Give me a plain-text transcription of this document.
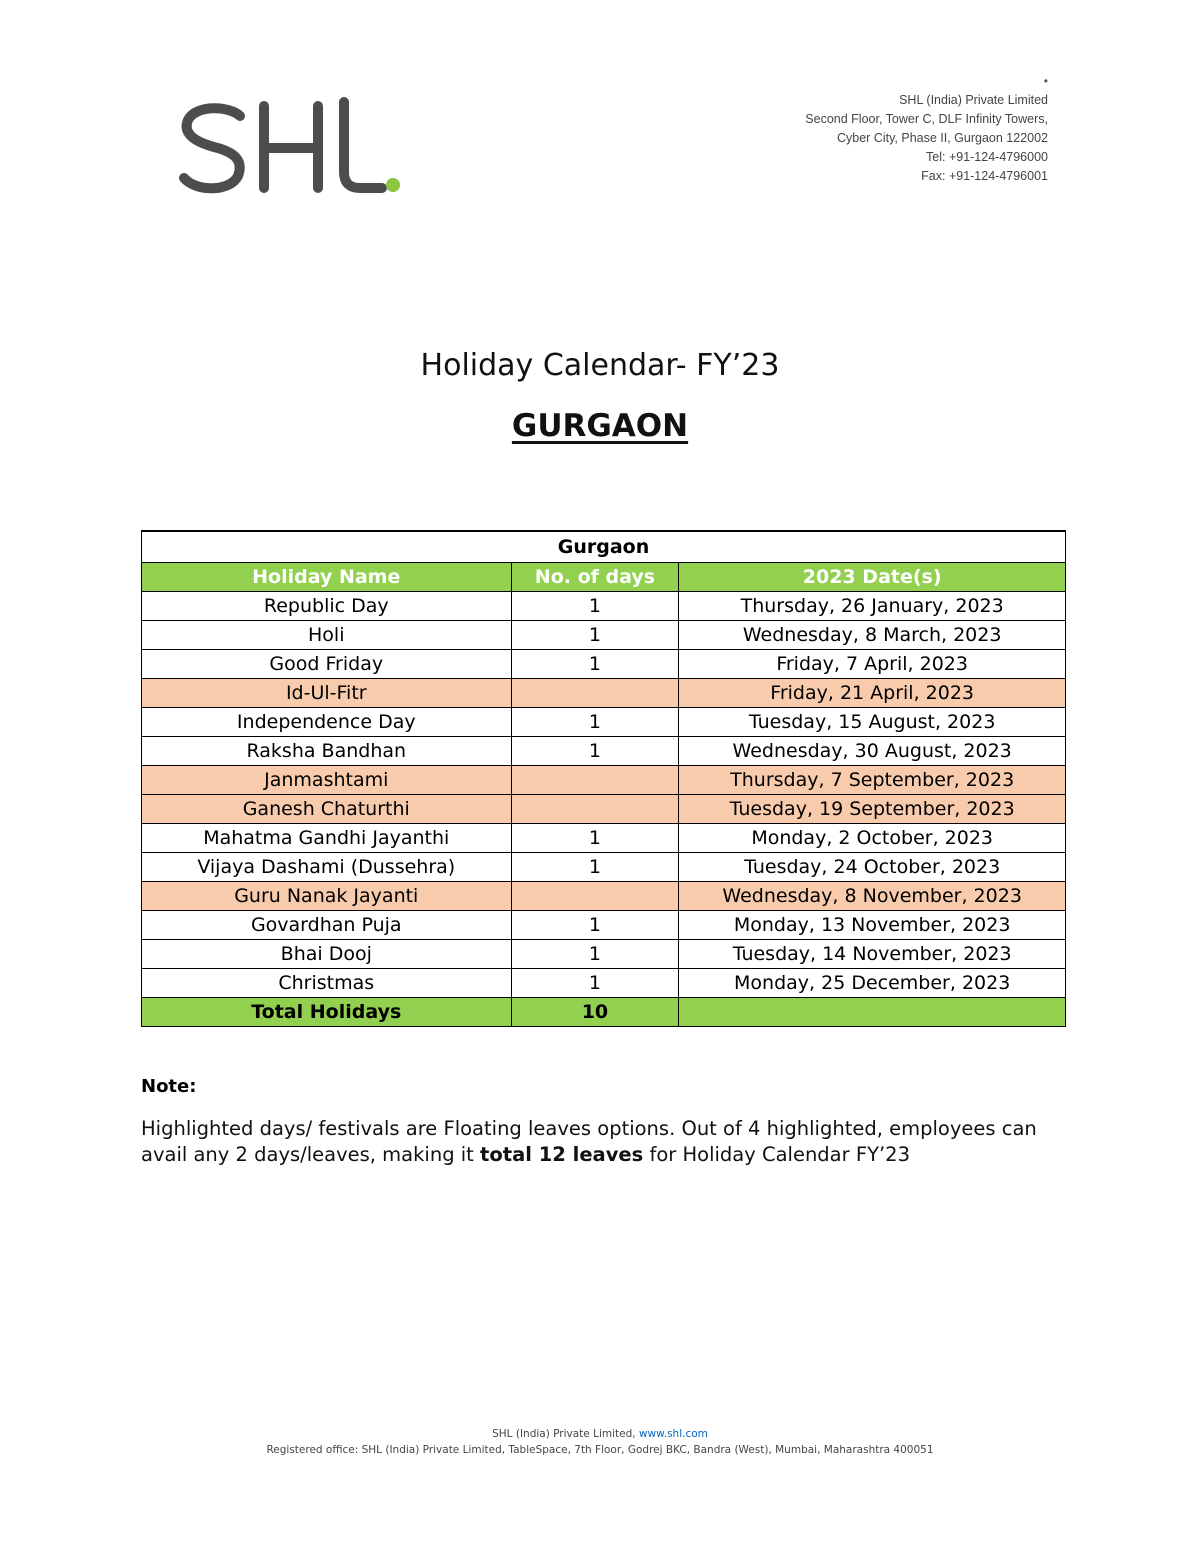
•
SHL (India) Private Limited
Second Floor, Tower C, DLF Infinity Towers,
Cyber City, Phase II, Gurgaon 122002
Tel: +91-124-4796000
Fax: +91-124-4796001
Holiday Calendar- FY’23
GURGAON
Gurgaon		
Holiday Name	No. of days	2023 Date(s)
Republic Day	1	Thursday, 26 January, 2023
Holi	1	Wednesday, 8 March, 2023
Good Friday	1	Friday, 7 April, 2023
Id-Ul-Fitr		Friday, 21 April, 2023
Independence Day	1	Tuesday, 15 August, 2023
Raksha Bandhan	1	Wednesday, 30 August, 2023
Janmashtami		Thursday, 7 September, 2023
Ganesh Chaturthi		Tuesday, 19 September, 2023
Mahatma Gandhi Jayanthi	1	Monday, 2 October, 2023
Vijaya Dashami (Dussehra)	1	Tuesday, 24 October, 2023
Guru Nanak Jayanti		Wednesday, 8 November, 2023
Govardhan Puja	1	Monday, 13 November, 2023
Bhai Dooj	1	Tuesday, 14 November, 2023
Christmas	1	Monday, 25 December, 2023
Total Holidays	10	
Note:
Highlighted days/ festivals are Floating leaves options. Out of 4 highlighted, employees can avail any 2 days/leaves, making it total 12 leaves for Holiday Calendar FY’23
SHL (India) Private Limited, www.shl.com
Registered office: SHL (India) Private Limited, TableSpace, 7th Floor, Godrej BKC, Bandra (West), Mumbai, Maharashtra 400051
